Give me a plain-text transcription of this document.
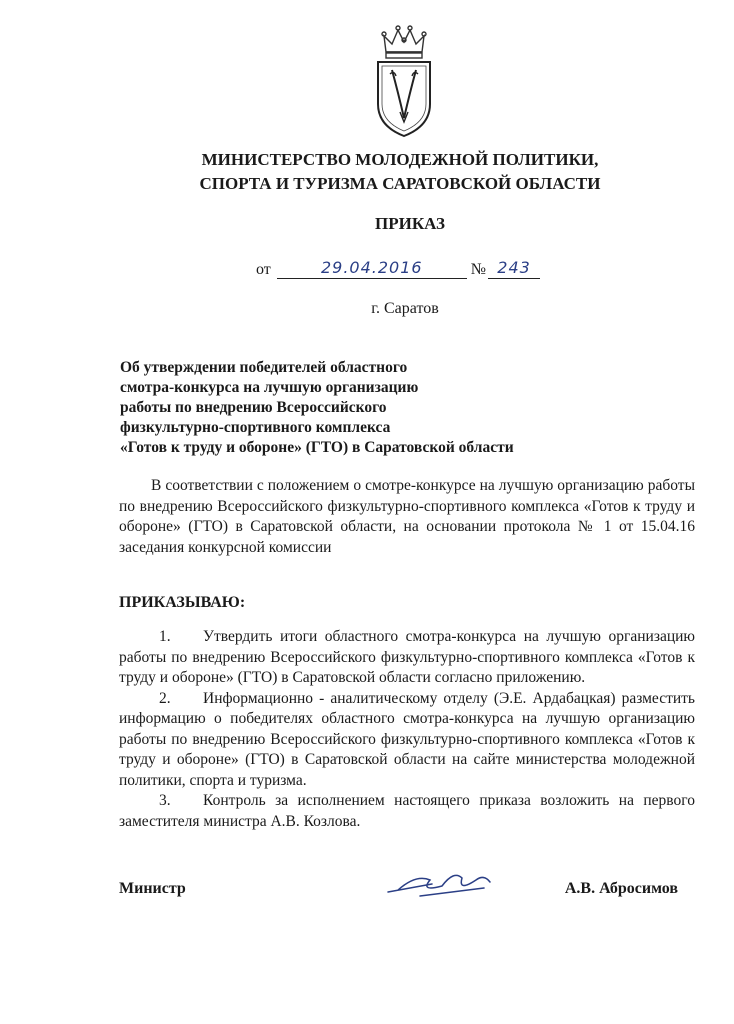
МИНИСТЕРСТВО МОЛОДЕЖНОЙ ПОЛИТИКИ,
СПОРТА И ТУРИЗМА САРАТОВСКОЙ ОБЛАСТИ
ПРИКАЗ
от	29.04.2016	№ 243
г. Саратов
Об утверждении победителей областного
смотра-конкурса на лучшую организацию
работы по внедрению Всероссийского
физкультурно-спортивного комплекса
«Готов к труду и обороне» (ГТО) в Саратовской области

В соответствии с положением о смотре-конкурсе на лучшую организацию работы по внедрению Всероссийского физкультурно-спортивного комплекса «Готов к труду и обороне» (ГТО) в Саратовской области, на основании протокола № 1 от 15.04.16 заседания конкурсной комиссии

ПРИКАЗЫВАЮ:

1. Утвердить итоги областного смотра-конкурса на лучшую организацию работы по внедрению Всероссийского физкультурно-спортивного комплекса «Готов к труду и обороне» (ГТО) в Саратовской области согласно приложению.

2. Информационно - аналитическому отделу (Э.Е. Ардабацкая) разместить информацию о победителях областного смотра-конкурса на лучшую организацию работы по внедрению Всероссийского физкультурно-спортивного комплекса «Готов к труду и обороне» (ГТО) в Саратовской области на сайте министерства молодежной политики, спорта и туризма.

3. Контроль за исполнением настоящего приказа возложить на первого заместителя министра А.В. Козлова.

Министр	А.В. Абросимов
